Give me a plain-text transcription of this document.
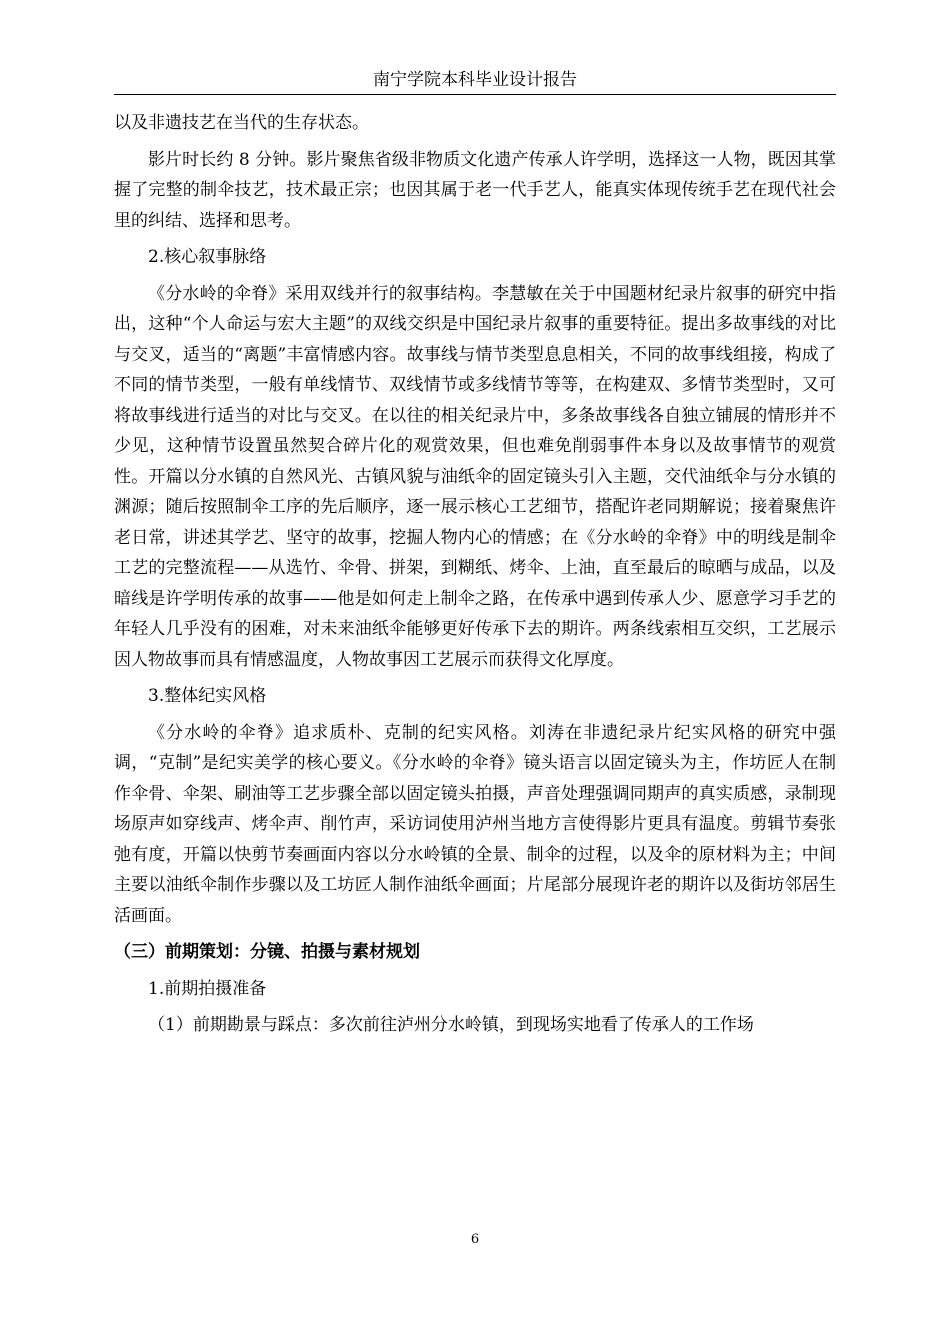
南宁学院本科毕业设计报告

以及非遗技艺在当代的生存状态。

影片时长约 8 分钟。影片聚焦省级非物质文化遗产传承人许学明，选择这一人物，既因其掌握了完整的制伞技艺，技术最正宗；也因其属于老一代手艺人，能真实体现传统手艺在现代社会里的纠结、选择和思考。

2.核心叙事脉络

《分水岭的伞脊》采用双线并行的叙事结构。李慧敏在关于中国题材纪录片叙事的研究中指出，这种“个人命运与宏大主题”的双线交织是中国纪录片叙事的重要特征。提出多故事线的对比与交叉，适当的“离题”丰富情感内容。故事线与情节类型息息相关，不同的故事线组接，构成了不同的情节类型，一般有单线情节、双线情节或多线情节等等，在构建双、多情节类型时，又可将故事线进行适当的对比与交叉。在以往的相关纪录片中，多条故事线各自独立铺展的情形并不少见，这种情节设置虽然契合碎片化的观赏效果，但也难免削弱事件本身以及故事情节的观赏性。开篇以分水镇的自然风光、古镇风貌与油纸伞的固定镜头引入主题，交代油纸伞与分水镇的渊源；随后按照制伞工序的先后顺序，逐一展示核心工艺细节，搭配许老同期解说；接着聚焦许老日常，讲述其学艺、坚守的故事，挖掘人物内心的情感；在《分水岭的伞脊》中的明线是制伞工艺的完整流程——从选竹、伞骨、拼架，到糊纸、烤伞、上油，直至最后的晾晒与成品，以及暗线是许学明传承的故事——他是如何走上制伞之路，在传承中遇到传承人少、愿意学习手艺的年轻人几乎没有的困难，对未来油纸伞能够更好传承下去的期许。两条线索相互交织，工艺展示因人物故事而具有情感温度，人物故事因工艺展示而获得文化厚度。

3.整体纪实风格

《分水岭的伞脊》追求质朴、克制的纪实风格。刘涛在非遗纪录片纪实风格的研究中强调，“克制”是纪实美学的核心要义。《分水岭的伞脊》镜头语言以固定镜头为主，作坊匠人在制作伞骨、伞架、刷油等工艺步骤全部以固定镜头拍摄，声音处理强调同期声的真实质感，录制现场原声如穿线声、烤伞声、削竹声，采访词使用泸州当地方言使得影片更具有温度。剪辑节奏张弛有度，开篇以快剪节奏画面内容以分水岭镇的全景、制伞的过程，以及伞的原材料为主；中间主要以油纸伞制作步骤以及工坊匠人制作油纸伞画面；片尾部分展现许老的期许以及街坊邻居生活画面。

（三）前期策划：分镜、拍摄与素材规划

1.前期拍摄准备

（1）前期勘景与踩点：多次前往泸州分水岭镇，到现场实地看了传承人的工作场

6
